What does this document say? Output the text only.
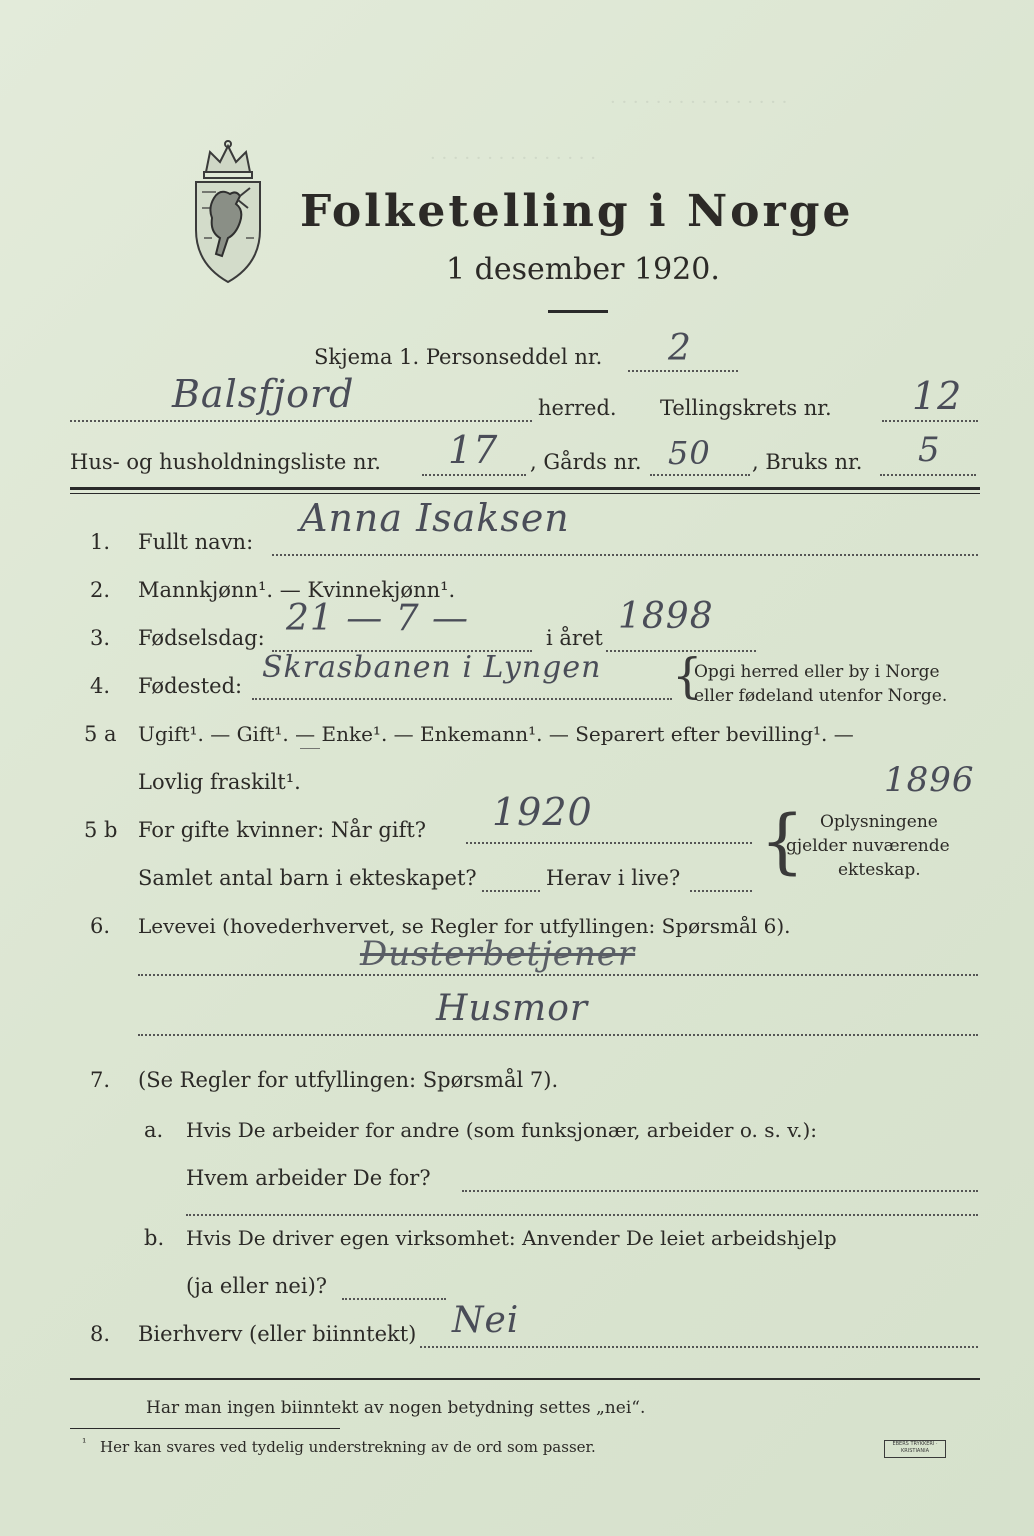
· · · · · · · · · · · · · · · ·
· · · · · · · · · · · · · · ·
Folketelling i Norge
1 desember 1920.
Skjema 1. Personseddel nr. 2
Balsfjord	herred. Tellingskrets nr. 12
Hus- og husholdningsliste nr. 17 , Gårds nr. 50 , Bruks nr. 5
1. Fullt navn:
Anna Isaksen
2. Mannkjønn¹. — Kvinnekjønn¹.
3. Fødselsdag: 21 — 7 —	i året
1898
4. Fødested:
Skrasbanen i Lyngen {
Opgi herred eller by i Norge
eller fødeland utenfor Norge.
5 a Ugift¹. — Gift¹. — Enke¹. — Enkemann¹. — Separert efter bevilling¹. —
‾‾
Lovlig fraskilt¹.	1896
5 b For gifte kvinner: Når gift? 1920
Samlet antal barn i ekteskapet?	Herav i live? { Oplysningene
gjelder nuværende
ekteskap.
6. Levevei (hovederhvervet, se Regler for utfyllingen: Spørsmål 6).
Dusterbetjener
Husmor
7. (Se Regler for utfyllingen: Spørsmål 7).
a. Hvis De arbeider for andre (som funksjonær, arbeider o. s. v.):
Hvem arbeider De for?
b. Hvis De driver egen virksomhet: Anvender De leiet arbeidshjelp
(ja eller nei)?
8. Bierhverv (eller biinntekt) Nei
Har man ingen biinntekt av nogen betydning settes „nei“.
¹ Her kan svares ved tydelig understrekning av de ord som passer.	EBERS TRYKKERI · KRISTIANIA
